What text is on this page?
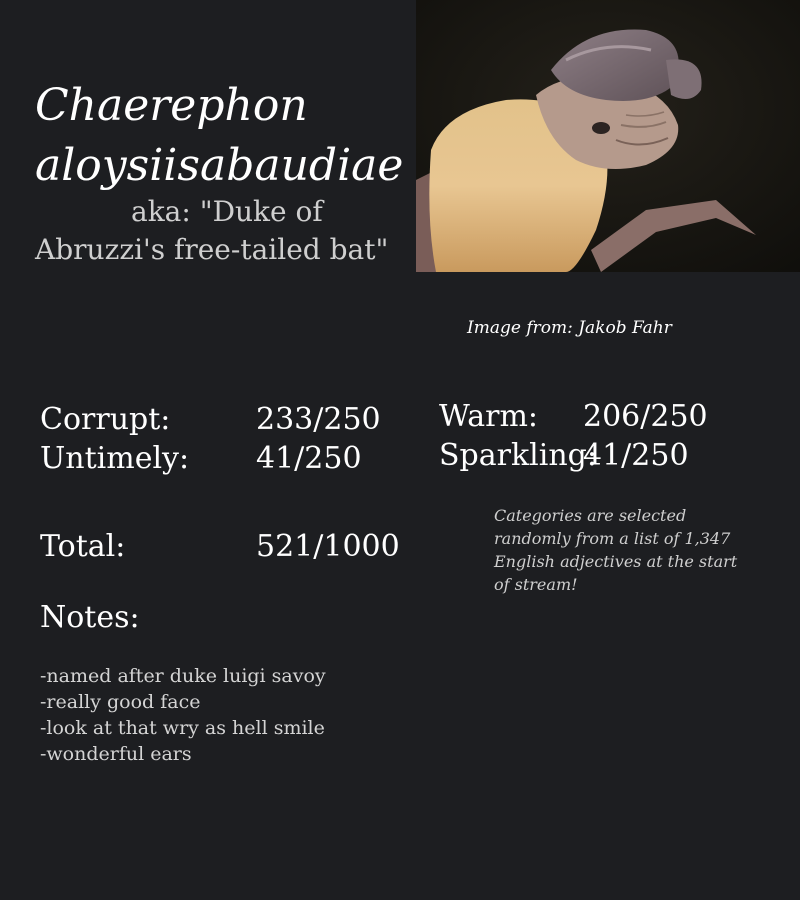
Chaerephon
aloysiisabaudiae
aka: "Duke of Abruzzi's free-tailed bat"
Image from: Jakob Fahr
Corrupt:	233/250
Untimely: 41/250
Warm: 206/250
Sparkling:
41/250
Total:	521/1000
Categories are selected randomly from a list of 1,347 English adjectives at the start of stream!
Notes:
-named after duke luigi savoy
-really good face
-look at that wry as hell smile
-wonderful ears
